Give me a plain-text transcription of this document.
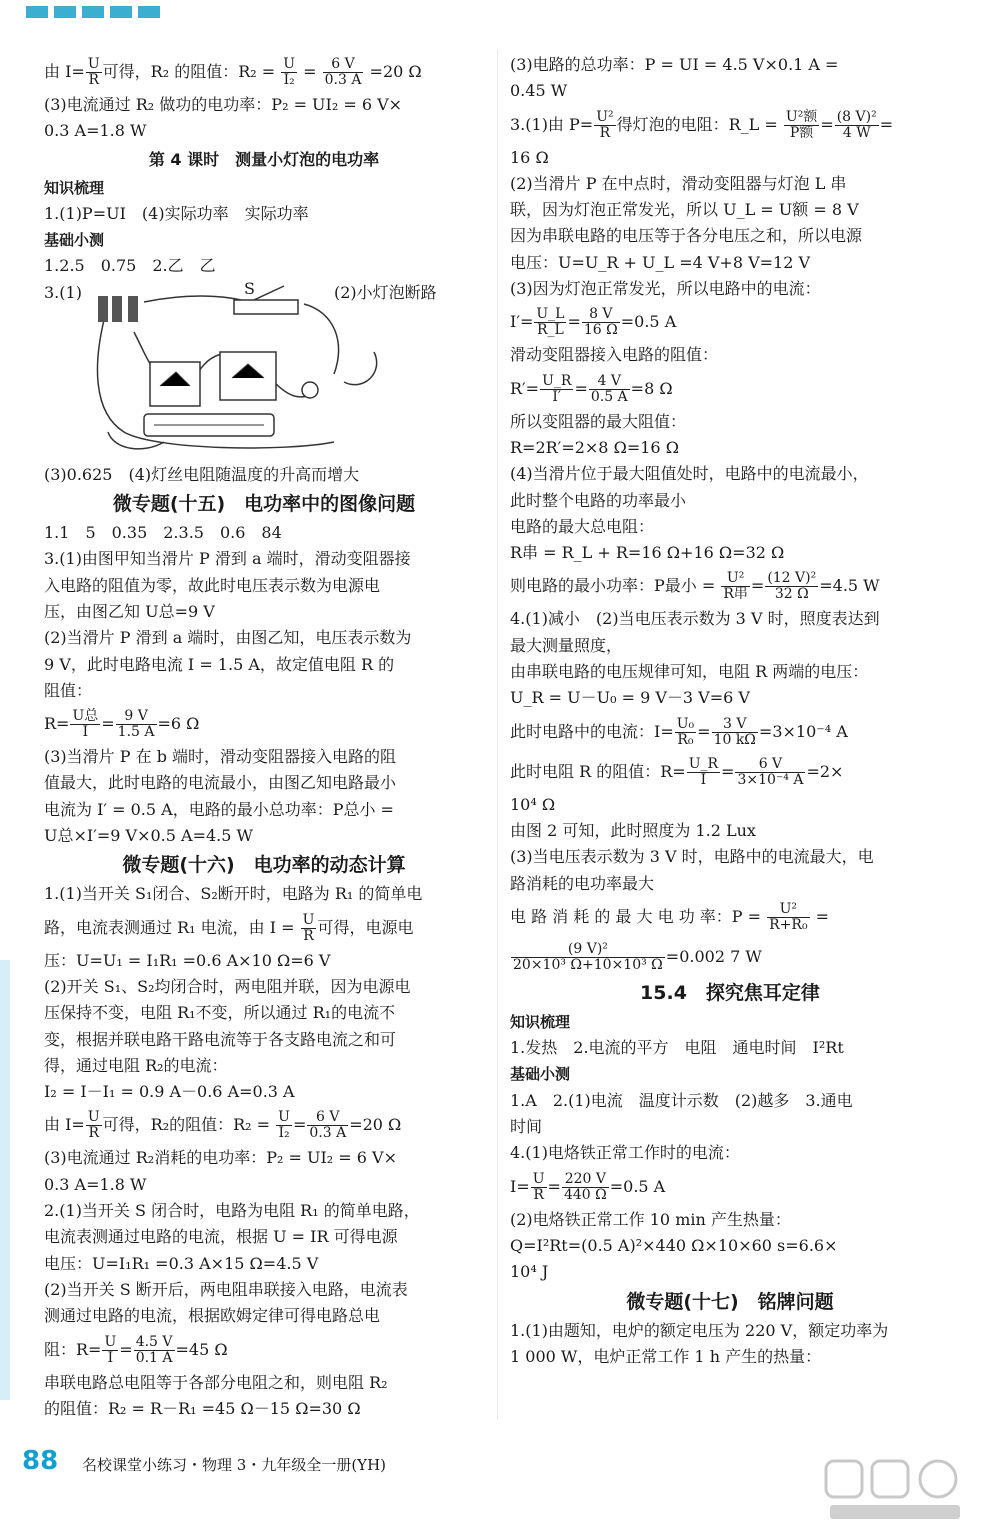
由 $I= \frac{U}{R}$ 可得，R₂ 的阻值：$R_2 = \frac{U}{\text{I₂}} = \frac{6 V}{0.3 A} =20$ Ω
(3)电流通过 R₂ 做功的电功率：P₂ = UI₂ = 6 V×
0.3 A=1.8 W
第 4 课时　测量小灯泡的电功率
知识梳理
1.(1)P=UI　(4)实际功率　实际功率
基础小测
1.2.5　0.75　2.乙　乙
3.(1)	S	(2)小灯泡断路
(3)0.625　(4)灯丝电阻随温度的升高而增大
微专题(十五)　电功率中的图像问题
1.1　5　0.35　2.3.5　0.6　84
3.(1)由图甲知当滑片 P 滑到 a 端时，滑动变阻器接
入电路的阻值为零，故此时电压表示数为电源电
压，由图乙知 U总=9 V
(2)当滑片 P 滑到 a 端时，由图乙知，电压表示数为
9 V，此时电路电流 I = 1.5 A，故定值电阻 R 的
阻值：
$R= \frac{\text{U总}}{I} = \frac{9 V}{1.5 A} =6$ Ω
(3)当滑片 P 在 b 端时，滑动变阻器接入电路的阻
值最大，此时电路的电流最小，由图乙知电路最小
电流为 I′ = 0.5 A，电路的最小总功率：P总小 =
U总×I′=9 V×0.5 A=4.5 W
微专题(十六)　电功率的动态计算
1.(1)当开关 S₁闭合、S₂断开时，电路为 R₁ 的简单电
路，电流表测通过 R₁ 电流，由 $I = \frac{U}{R}$ 可得，电源电
压：U=U₁ = I₁R₁ =0.6 A×10 Ω=6 V
(2)开关 S₁、S₂均闭合时，两电阻并联，因为电源电
压保持不变，电阻 R₁不变，所以通过 R₁的电流不
变，根据并联电路干路电流等于各支路电流之和可
得，通过电阻 R₂的电流：
I₂ = I－I₁ = 0.9 A－0.6 A=0.3 A
由 $I= \frac{U}{R}$ 可得，R₂的阻值：$R_2 = \frac{U}{\text{I₂}} = \frac{6 V}{0.3 A} =20$ Ω
(3)电流通过 R₂消耗的电功率：P₂ = UI₂ = 6 V×
0.3 A=1.8 W
2.(1)当开关 S 闭合时，电路为电阻 R₁ 的简单电路，
电流表测通过电路的电流，根据 U = IR 可得电源
电压：U=I₁R₁ =0.3 A×15 Ω=4.5 V
(2)当开关 S 断开后，两电阻串联接入电路，电流表
测通过电路的电流，根据欧姆定律可得电路总电
阻：$R= \frac{U}{I} = \frac{4.5 V}{0.1 A} =45$ Ω
串联电路总电阻等于各部分电阻之和，则电阻 R₂
的阻值：R₂ = R－R₁ =45 Ω－15 Ω=30 Ω
(3)电路的总功率：P = UI = 4.5 V×0.1 A =
0.45 W
3.(1)由 $P= \frac{\text{U²}}{R}$ 得灯泡的电阻：R_L = $\frac{\text{U²额}}{\text{P额}} = \frac{\text{(8 V)²}}{4 W}$ =
16 Ω
(2)当滑片 P 在中点时，滑动变阻器与灯泡 L 串
联，因为灯泡正常发光，所以 U_L = U额 = 8 V
因为串联电路的电压等于各分电压之和，所以电源
电压：U=U_R + U_L =4 V+8 V=12 V
(3)因为灯泡正常发光，所以电路中的电流：
$I'= \frac{U\_L}{R\_L} = \frac{8 V}{16 \Omega} =0.5$ A
滑动变阻器接入电路的阻值：
$R'= \frac{U\_R}{I'} = \frac{4 V}{0.5 A} =8$ Ω
所以变阻器的最大阻值：
R=2R′=2×8 Ω=16 Ω
(4)当滑片位于最大阻值处时，电路中的电流最小，
此时整个电路的功率最小
电路的最大总电阻：
R串 = R_L + R=16 Ω+16 Ω=32 Ω
则电路的最小功率：P最小 = $\frac{\text{U²}}{\text{R串}} = \frac{\text{(12 V)²}}{32 \Omega} =4.5$ W
4.(1)减小　(2)当电压表示数为 3 V 时，照度表达到
最大测量照度，
由串联电路的电压规律可知，电阻 R 两端的电压：
U_R = U－U₀ = 9 V－3 V=6 V
此时电路中的电流：$I= \frac{\text{U₀}}{\text{R₀}} = \frac{3 V}{10 k\Omega} =3\times 10^{-4}$ A
此时电阻 R 的阻值：$R= \frac{U\_R}{I} = \frac{6 V}{\text{3×10⁻⁴ A}} =2\times$
10⁴ Ω
由图 2 可知，此时照度为 1.2 Lux
(3)当电压表示数为 3 V 时，电路中的电流最大，电
路消耗的电功率最大
电 路 消 耗 的 最 大 电 功 率：$P = \frac{\text{U²}}{\text{R+R₀}}$ =
$\frac{\text{(9 V)²}}{\text{20×10³ Ω+10×10³ Ω}} =0.002$ 7 W
15.4　探究焦耳定律
知识梳理
1.发热　2.电流的平方　电阻　通电时间　I²Rt
基础小测
1.A　2.(1)电流　温度计示数　(2)越多　3.通电
时间
4.(1)电烙铁正常工作时的电流：
$I= \frac{U}{R} = \frac{220 V}{440 \Omega} =0.5$ A
(2)电烙铁正常工作 10 min 产生热量：
Q=I²Rt=(0.5 A)²×440 Ω×10×60 s=6.6×
10⁴ J
微专题(十七)　铭牌问题
1.(1)由题知，电炉的额定电压为 220 V，额定功率为
1 000 W，电炉正常工作 1 h 产生的热量：
88 名校课堂小练习・物理 3・九年级全一册(YH)
